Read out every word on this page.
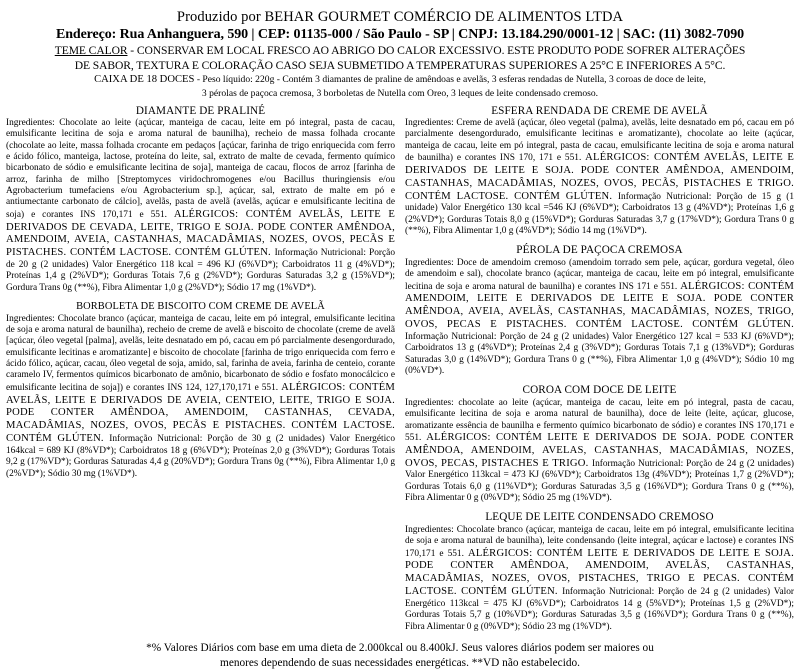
Produzido por BEHAR GOURMET COMÉRCIO DE ALIMENTOS LTDA
Endereço: Rua Anhanguera, 590 | CEP: 01135-000 / São Paulo - SP | CNPJ: 13.184.290/0001-12 | SAC: (11) 3082-7090
TEME CALOR - CONSERVAR EM LOCAL FRESCO AO ABRIGO DO CALOR EXCESSIVO. ESTE PRODUTO PODE SOFRER ALTERAÇÕES
DE SABOR, TEXTURA E COLORAÇÃO CASO SEJA SUBMETIDO A TEMPERATURAS SUPERIORES A 25°C E INFERIORES A 5°C.
CAIXA DE 18 DOCES - Peso líquido: 220g - Contém 3 diamantes de praline de amêndoas e avelãs, 3 esferas rendadas de Nutella, 3 coroas de doce de leite,
3 pérolas de paçoca cremosa, 3 borboletas de Nutella com Oreo, 3 leques de leite condensado cremoso.
DIAMANTE DE PRALINÉ
Ingredientes: Chocolate ao leite (açúcar, manteiga de cacau, leite em pó integral, pasta de cacau, emulsificante lecitina de soja e aroma natural de baunilha), recheio de massa folhada crocante (chocolate ao leite, massa folhada crocante em pedaços [açúcar, farinha de trigo enriquecida com ferro e ácido fólico, manteiga, lactose, proteína do leite, sal, extrato de malte de cevada, fermento químico bicarbonato de sódio e emulsificante lecitina de soja], manteiga de cacau, flocos de arroz [farinha de arroz, farinha de milho [Streptomyces viridochromogenes e/ou Bacillus thuringiensis e/ou Agrobacterium tumefaciens e/ou Agrobacterium sp.], açúcar, sal, extrato de malte em pó e antiumectante carbonato de cálcio], avelãs, pasta de avelã (avelãs, açúcar e emulsificante lecitina de soja) e corantes INS 170,171 e 551. ALÉRGICOS: CONTÉM AVELÃS, LEITE E DERIVADOS DE CEVADA, LEITE, TRIGO E SOJA. PODE CONTER AMÊNDOA, AMENDOIM, AVEIA, CASTANHAS, MACADÂMIAS, NOZES, OVOS, PECÃS E PISTACHES. CONTÉM LACTOSE. CONTÉM GLÚTEN. Informação Nutricional: Porção de 20 g (2 unidades) Valor Energético 118 kcal = 496 KJ (6%VD*); Carboidratos 11 g (4%VD*); Proteínas 1,4 g (2%VD*); Gorduras Totais 7,6 g (2%VD*); Gorduras Saturadas 3,2 g (15%VD*); Gordura Trans 0g (**%), Fibra Alimentar 1,0 g (2%VD*); Sódio 17 mg (1%VD*).
BORBOLETA DE BISCOITO COM CREME DE AVELÃ
Ingredientes: Chocolate branco (açúcar, manteiga de cacau, leite em pó integral, emulsificante lecitina de soja e aroma natural de baunilha), recheio de creme de avelã e biscoito de chocolate (creme de avelã [açúcar, óleo vegetal [palma], avelãs, leite desnatado em pó, cacau em pó parcialmente desengordurado, emulsificante lecitinas e aromatizante] e biscoito de chocolate [farinha de trigo enriquecida com ferro e ácido fólico, açúcar, cacau, óleo vegetal de soja, amido, sal, farinha de aveia, farinha de centeio, corante caramelo IV, fermentos químicos bicarbonato de amônio, bicarbonato de sódio e fosfato monocálcico e emulsificante lecitina de soja]) e corantes INS 124, 127,170,171 e 551. ALÉRGICOS: CONTÉM AVELÃS, LEITE E DERIVADOS DE AVEIA, CENTEIO, LEITE, TRIGO E SOJA. PODE CONTER AMÊNDOA, AMENDOIM, CASTANHAS, CEVADA, MACADÂMIAS, NOZES, OVOS, PECÃS E PISTACHES. CONTÉM LACTOSE. CONTÉM GLÚTEN. Informação Nutricional: Porção de 30 g (2 unidades) Valor Energético 164kcal = 689 KJ (8%VD*); Carboidratos 18 g (6%VD*); Proteínas 2,0 g (3%VD*); Gorduras Totais 9,2 g (17%VD*); Gorduras Saturadas 4,4 g (20%VD*); Gordura Trans 0g (**%), Fibra Alimentar 1,0 g (2%VD*); Sódio 30 mg (1%VD*).
ESFERA RENDADA DE CREME DE AVELÃ
Ingredientes: Creme de avelã (açúcar, óleo vegetal (palma), avelãs, leite desnatado em pó, cacau em pó parcialmente desengordurado, emulsificante lecitinas e aromatizante), chocolate ao leite (açúcar, manteiga de cacau, leite em pó integral, pasta de cacau, emulsificante lecitina de soja e aroma natural de baunilha) e corantes INS 170, 171 e 551. ALÉRGICOS: CONTÉM AVELÃS, LEITE E DERIVADOS DE LEITE E SOJA. PODE CONTER AMÊNDOA, AMENDOIM, CASTANHAS, MACADÂMIAS, NOZES, OVOS, PECÃS, PISTACHES E TRIGO. CONTÉM LACTOSE. CONTÉM GLÚTEN. Informação Nutricional: Porção de 15 g (1 unidade) Valor Energético 130 kcal =546 KJ (6%VD*); Carboidratos 13 g (4%VD*); Proteínas 1,6 g (2%VD*); Gorduras Totais 8,0 g (15%VD*); Gorduras Saturadas 3,7 g (17%VD*); Gordura Trans 0 g (**%), Fibra Alimentar 1,0 g (4%VD*); Sódio 14 mg (1%VD*).
PÉROLA DE PAÇOCA CREMOSA
Ingredientes: Doce de amendoim cremoso (amendoim torrado sem pele, açúcar, gordura vegetal, óleo de amendoim e sal), chocolate branco (açúcar, manteiga de cacau, leite em pó integral, emulsificante lecitina de soja e aroma natural de baunilha) e corantes INS 171 e 551. ALÉRGICOS: CONTÉM AMENDOIM, LEITE E DERIVADOS DE LEITE E SOJA. PODE CONTER AMÊNDOA, AVEIA, AVELÃS, CASTANHAS, MACADÂMIAS, NOZES, TRIGO, OVOS, PECAS E PISTACHES. CONTÉM LACTOSE. CONTÉM GLÚTEN. Informação Nutricional: Porção de 24 g (2 unidades) Valor Energético 127 kcal = 533 KJ (6%VD*); Carboidratos 13 g (4%VD*); Proteínas 2,4 g (3%VD*); Gorduras Totais 7,1 g (13%VD*); Gorduras Saturadas 3,0 g (14%VD*); Gordura Trans 0 g (**%), Fibra Alimentar 1,0 g (4%VD*); Sódio 10 mg (0%VD*).
COROA COM DOCE DE LEITE
Ingredientes: chocolate ao leite (açúcar, manteiga de cacau, leite em pó integral, pasta de cacau, emulsificante lecitina de soja e aroma natural de baunilha), doce de leite (leite, açúcar, glucose, aromatizante essência de baunilha e fermento químico bicarbonato de sódio) e corantes INS 170,171 e 551. ALÉRGICOS: CONTÉM LEITE E DERIVADOS DE SOJA. PODE CONTER AMÊNDOA, AMENDOIM, AVELAS, CASTANHAS, MACADÂMIAS, NOZES, OVOS, PECAS, PISTACHES E TRIGO. Informação Nutricional: Porção de 24 g (2 unidades) Valor Energético 113kcal = 473 KJ (6%VD*); Carboidratos 13g (4%VD*); Proteínas 1,7 g (2%VD*); Gorduras Totais 6,0 g (11%VD*); Gorduras Saturadas 3,5 g (16%VD*); Gordura Trans 0 g (**%), Fibra Alimentar 0 g (0%VD*); Sódio 25 mg (1%VD*).
LEQUE DE LEITE CONDENSADO CREMOSO
Ingredientes: Chocolate branco (açúcar, manteiga de cacau, leite em pó integral, emulsificante lecitina de soja e aroma natural de baunilha), leite condensando (leite integral, açúcar e lactose) e corantes INS 170,171 e 551. ALÉRGICOS: CONTÉM LEITE E DERIVADOS DE LEITE E SOJA. PODE CONTER AMÊNDOA, AMENDOIM, AVELÃS, CASTANHAS, MACADÂMIAS, NOZES, OVOS, PISTACHES, TRIGO E PECAS. CONTÉM LACTOSE. CONTÉM GLÚTEN. Informação Nutricional: Porção de 24 g (2 unidades) Valor Energético 113kcal = 475 KJ (6%VD*); Carboidratos 14 g (5%VD*); Proteínas 1,5 g (2%VD*); Gorduras Totais 5,7 g (10%VD*); Gorduras Saturadas 3,5 g (16%VD*); Gordura Trans 0 g (**%), Fibra Alimentar 0 g (0%VD*); Sódio 23 mg (1%VD*).
*% Valores Diários com base em uma dieta de 2.000kcal ou 8.400kJ. Seus valores diários podem ser maiores ou
menores dependendo de suas necessidades energéticas. **VD não estabelecido.
